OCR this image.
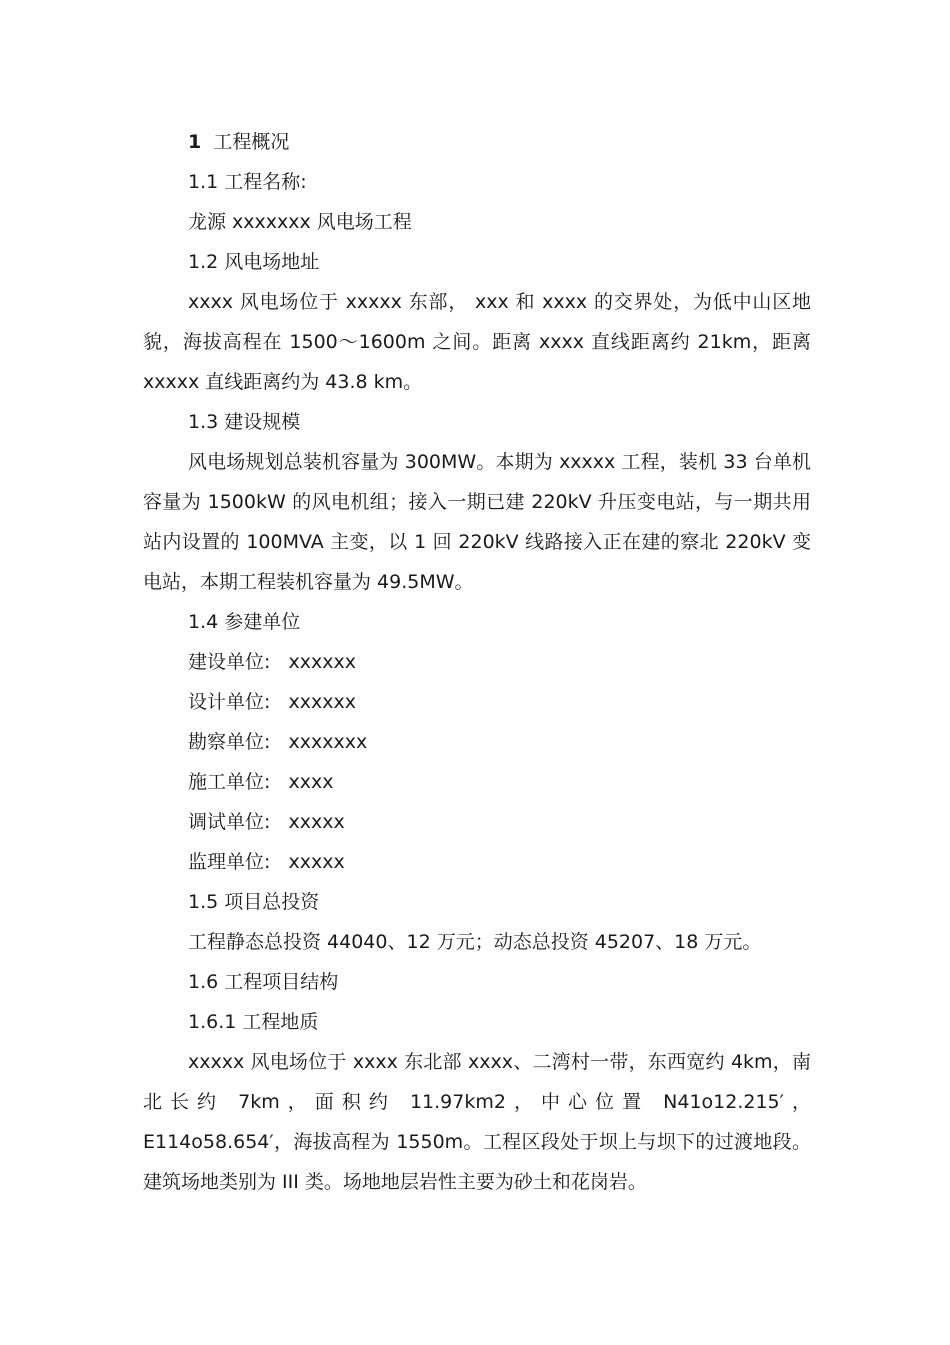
1 工程概况
1.1 工程名称:
龙源 xxxxxxx 风电场工程
1.2 风电场地址
xxxx 风电场位于 xxxxx 东部， xxx 和 xxxx 的交界处，为低中山区地貌，海拔高程在 1500～1600m 之间。距离 xxxx 直线距离约 21km，距离 xxxxx 直线距离约为 43.8 km。
1.3 建设规模
风电场规划总装机容量为 300MW。本期为 xxxxx 工程，装机 33 台单机容量为 1500kW 的风电机组；接入一期已建 220kV 升压变电站，与一期共用站内设置的 100MVA 主变，以 1 回 220kV 线路接入正在建的察北 220kV 变电站，本期工程装机容量为 49.5MW。
1.4 参建单位
建设单位: xxxxxx
设计单位: xxxxxx
勘察单位: xxxxxxx
施工单位: xxxx
调试单位: xxxxx
监理单位: xxxxx
1.5 项目总投资
工程静态总投资 44040、12 万元；动态总投资 45207、18 万元。
1.6 工程项目结构
1.6.1 工程地质
xxxxx 风电场位于 xxxx 东北部 xxxx、二湾村一带，东西宽约 4km，南北长约 7km，面积约 11.97km2，中心位置 N41o12.215′，E114o58.654′，海拔高程为 1550m。工程区段处于坝上与坝下的过渡地段。建筑场地类别为 III 类。场地地层岩性主要为砂土和花岗岩。
